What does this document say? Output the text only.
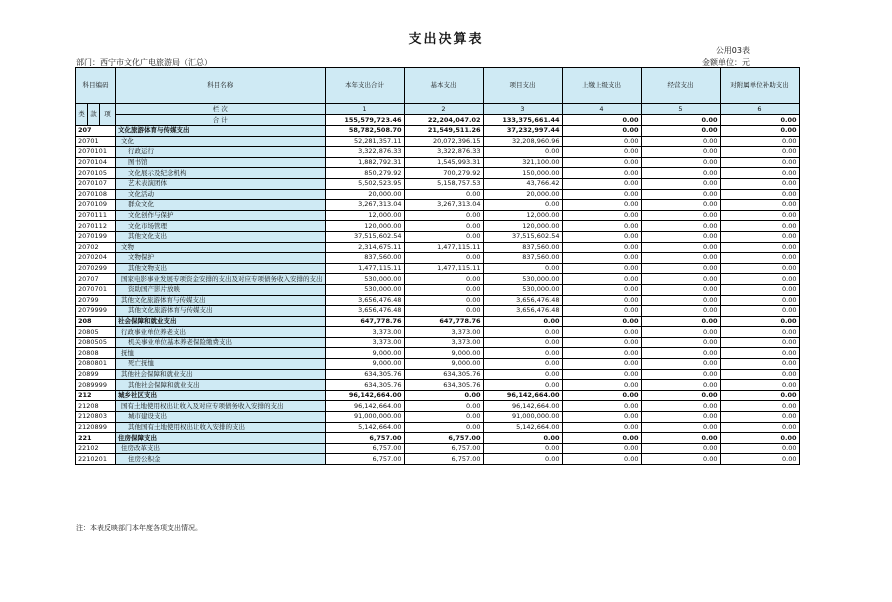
支出决算表
公用03表
部门：西宁市文化广电旅游局（汇总）	金额单位：元
科目编码			科目名称	本年支出合计	基本支出	项目支出	上缴上级支出	经营支出	对附属单位补助支出
类	款	项	栏 次	1	2	3	4	5	6
			合 计	155,579,723.46	22,204,047.02	133,375,661.44	0.00	0.00	0.00
207			文化旅游体育与传媒支出	58,782,508.70	21,549,511.26	37,232,997.44	0.00	0.00	0.00
20701			文化	52,281,357.11	20,072,396.15	32,208,960.96	0.00	0.00	0.00
2070101			行政运行	3,322,876.33	3,322,876.33	0.00	0.00	0.00	0.00
2070104			图书馆	1,882,792.31	1,545,993.31	321,100.00	0.00	0.00	0.00
2070105			文化展示及纪念机构	850,279.92	700,279.92	150,000.00	0.00	0.00	0.00
2070107			艺术表演团体	5,502,523.95	5,158,757.53	43,766.42	0.00	0.00	0.00
2070108			文化活动	20,000.00	0.00	20,000.00	0.00	0.00	0.00
2070109			群众文化	3,267,313.04	3,267,313.04	0.00	0.00	0.00	0.00
2070111			文化创作与保护	12,000.00	0.00	12,000.00	0.00	0.00	0.00
2070112			文化市场管理	120,000.00	0.00	120,000.00	0.00	0.00	0.00
2070199			其他文化支出	37,515,602.54	0.00	37,515,602.54	0.00	0.00	0.00
20702			文物	2,314,675.11	1,477,115.11	837,560.00	0.00	0.00	0.00
2070204			文物保护	837,560.00	0.00	837,560.00	0.00	0.00	0.00
2070299			其他文物支出	1,477,115.11	1,477,115.11	0.00	0.00	0.00	0.00
20707			国家电影事业发展专项资金安排的支出及对应专项债务收入安排的支出	530,000.00	0.00	530,000.00	0.00	0.00	0.00
2070701			资助国产影片放映	530,000.00	0.00	530,000.00	0.00	0.00	0.00
20799			其他文化旅游体育与传媒支出	3,656,476.48	0.00	3,656,476.48	0.00	0.00	0.00
2079999			其他文化旅游体育与传媒支出	3,656,476.48	0.00	3,656,476.48	0.00	0.00	0.00
208			社会保障和就业支出	647,778.76	647,778.76	0.00	0.00	0.00	0.00
20805			行政事业单位养老支出	3,373.00	3,373.00	0.00	0.00	0.00	0.00
2080505			机关事业单位基本养老保险缴费支出	3,373.00	3,373.00	0.00	0.00	0.00	0.00
20808			抚恤	9,000.00	9,000.00	0.00	0.00	0.00	0.00
2080801			死亡抚恤	9,000.00	9,000.00	0.00	0.00	0.00	0.00
20899			其他社会保障和就业支出	634,305.76	634,305.76	0.00	0.00	0.00	0.00
2089999			其他社会保障和就业支出	634,305.76	634,305.76	0.00	0.00	0.00	0.00
212			城乡社区支出	96,142,664.00	0.00	96,142,664.00	0.00	0.00	0.00
21208			国有土地使用权出让收入及对应专项债务收入安排的支出	96,142,664.00	0.00	96,142,664.00	0.00	0.00	0.00
2120803			城市建设支出	91,000,000.00	0.00	91,000,000.00	0.00	0.00	0.00
2120899			其他国有土地使用权出让收入安排的支出	5,142,664.00	0.00	5,142,664.00	0.00	0.00	0.00
221			住房保障支出	6,757.00	6,757.00	0.00	0.00	0.00	0.00
22102			住房改革支出	6,757.00	6,757.00	0.00	0.00	0.00	0.00
2210201			住房公积金	6,757.00	6,757.00	0.00	0.00	0.00	0.00
注：本表反映部门本年度各项支出情况。
